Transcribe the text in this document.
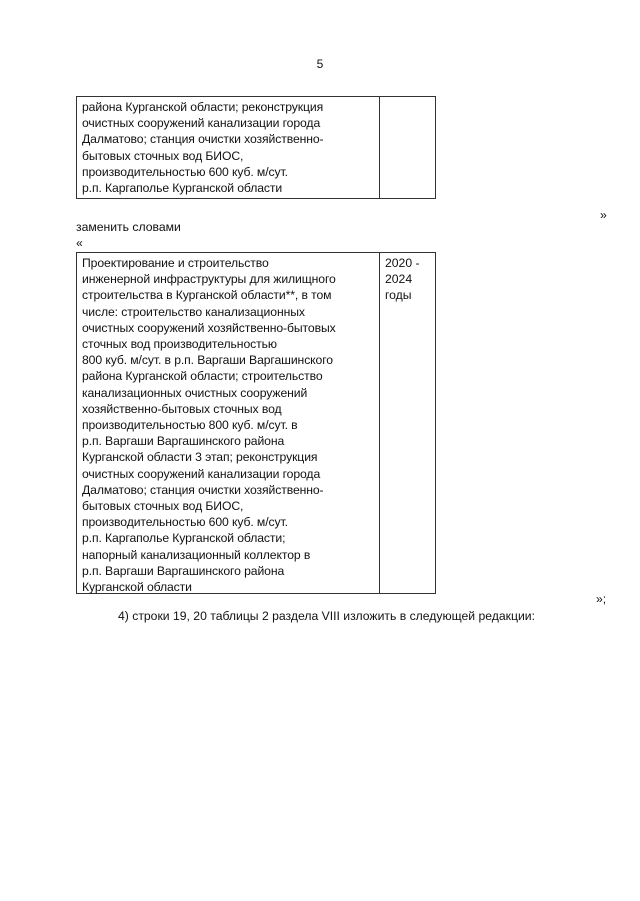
5
района Курганской области; реконструкция
очистных сооружений канализации города
Далматово; станция очистки хозяйственно-
бытовых сточных вод БИОС,
производительностью 600 куб. м/сут.
р.п. Каргаполье Курганской области
»
заменить словами
«
Проектирование и строительство
инженерной инфраструктуры для жилищного
строительства в Курганской области**, в том
числе: строительство канализационных
очистных сооружений хозяйственно-бытовых
сточных вод производительностью
800 куб. м/сут. в р.п. Варгаши Варгашинского
района Курганской области; строительство
канализационных очистных сооружений
хозяйственно-бытовых сточных вод
производительностью 800 куб. м/сут. в
р.п. Варгаши Варгашинского района
Курганской области 3 этап; реконструкция
очистных сооружений канализации города
Далматово; станция очистки хозяйственно-
бытовых сточных вод БИОС,
производительностью 600 куб. м/сут.
р.п. Каргаполье Курганской области;
напорный канализационный коллектор в
р.п. Варгаши Варгашинского района
Курганской области
2020 - 2024 годы
»;
4) строки 19, 20 таблицы 2 раздела VIII изложить в следующей редакции:
